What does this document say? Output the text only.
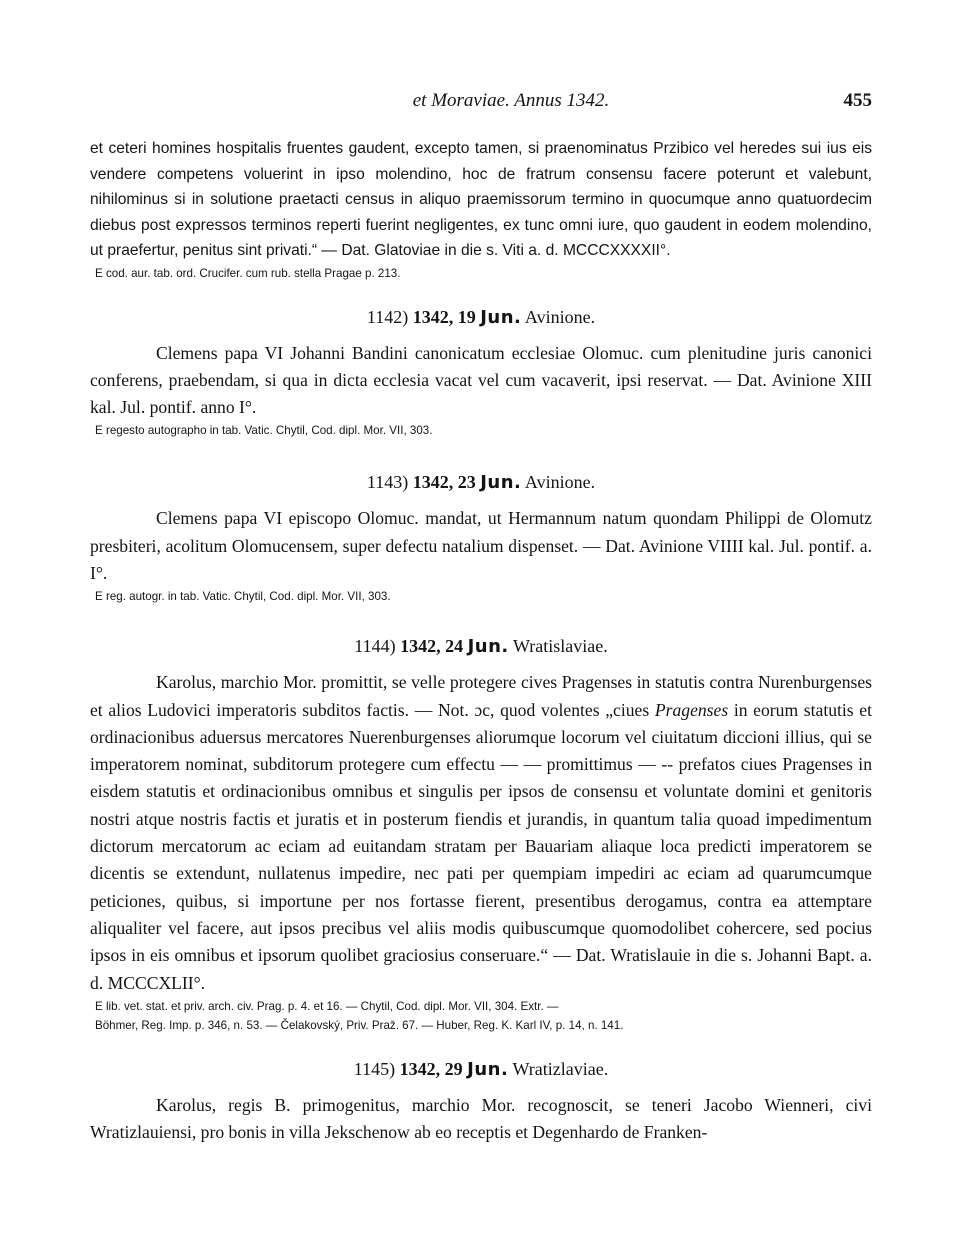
et Moraviae. Annus 1342.	455

et ceteri homines hospitalis fruentes gaudent, excepto tamen, si praenominatus Przibico vel heredes sui ius eis vendere competens voluerint in ipso molendino, hoc de fratrum consensu facere poterunt et valebunt, nihilominus si in solutione praetacti census in aliquo praemissorum termino in quocumque anno quatuordecim diebus post expressos terminos reperti fuerint negligentes, ex tunc omni iure, quo gaudent in eodem molendino, ut praefertur, penitus sint privati.“ — Dat. Glatoviae in die s. Viti a. d. MCCCXXXXII°.

E cod. aur. tab. ord. Crucifer. cum rub. stella Pragae p. 213.

1142) 1342, 19 Jun. Avinione.

Clemens papa VI Johanni Bandini canonicatum ecclesiae Olomuc. cum plenitudine juris canonici conferens, praebendam, si qua in dicta ecclesia vacat vel cum vacaverit, ipsi reservat. — Dat. Avinione XIII kal. Jul. pontif. anno I°.

E regesto autographo in tab. Vatic. Chytil, Cod. dipl. Mor. VII, 303.

1143) 1342, 23 Jun. Avinione.

Clemens papa VI episcopo Olomuc. mandat, ut Hermannum natum quondam Philippi de Olomutz presbiteri, acolitum Olomucensem, super defectu natalium dispenset. — Dat. Avinione VIIII kal. Jul. pontif. a. I°.

E reg. autogr. in tab. Vatic. Chytil, Cod. dipl. Mor. VII, 303.

1144) 1342, 24 Jun. Wratislaviae.

Karolus, marchio Mor. promittit, se velle protegere cives Pragenses in statutis contra Nurenburgenses et alios Ludovici imperatoris subditos factis. — Not. ɔc, quod volentes „ciues Pragenses in eorum statutis et ordinacionibus aduersus mercatores Nuerenburgenses aliorumque locorum vel ciuitatum diccioni illius, qui se imperatorem nominat, subditorum protegere cum effectu — — promittimus — -- prefatos ciues Pragenses in eisdem statutis et ordinacionibus omnibus et singulis per ipsos de consensu et voluntate domini et genitoris nostri atque nostris factis et juratis et in posterum fiendis et jurandis, in quantum talia quoad impedimentum dictorum mercatorum ac eciam ad euitandam stratam per Bauariam aliaque loca predicti imperatorem se dicentis se extendunt, nullatenus impedire, nec pati per quempiam impediri ac eciam ad quarumcumque peticiones, quibus, si importune per nos fortasse fierent, presentibus derogamus, contra ea attemptare aliqualiter vel facere, aut ipsos precibus vel aliis modis quibuscumque quomodolibet cohercere, sed pocius ipsos in eis omnibus et ipsorum quolibet graciosius conseruare.“ — Dat. Wratislauie in die s. Johanni Bapt. a. d. MCCCXLII°.

E lib. vet. stat. et priv. arch. civ. Prag. p. 4. et 16. — Chytil, Cod. dipl. Mor. VII, 304. Extr. —

Böhmer, Reg. Imp. p. 346, n. 53. — Čelakovský, Priv. Praž. 67. — Huber, Reg. K. Karl IV, p. 14, n. 141.

1145) 1342, 29 Jun. Wratizlaviae.

Karolus, regis B. primogenitus, marchio Mor. recognoscit, se teneri Jacobo Wienneri, civi Wratizlauiensi, pro bonis in villa Jekschenow ab eo receptis et Degenhardo de Franken-
